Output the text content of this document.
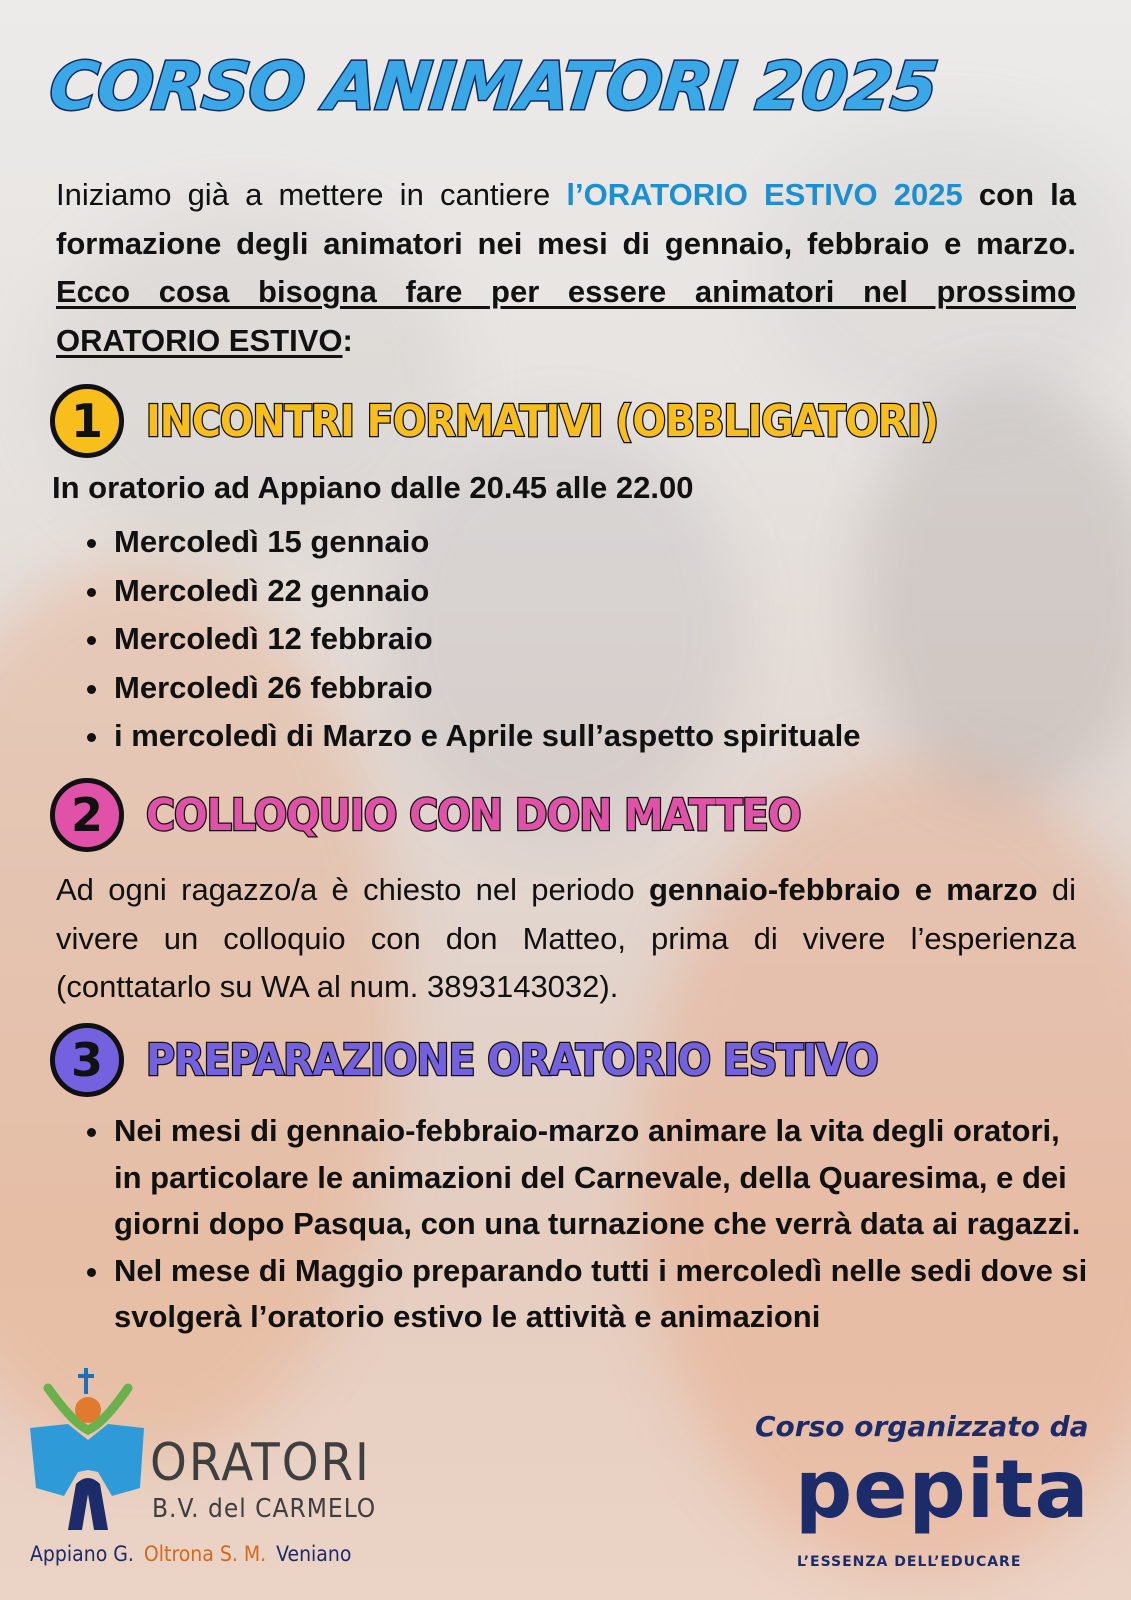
CORSO ANIMATORI 2025

Iniziamo già a mettere in cantiere l’ORATORIO ESTIVO 2025 con la formazione degli animatori nei mesi di gennaio, febbraio e marzo. Ecco cosa bisogna fare per essere animatori nel prossimo ORATORIO ESTIVO:

1 INCONTRI FORMATIVI (OBBLIGATORI)

In oratorio ad Appiano dalle 20.45 alle 22.00

• Mercoledì 15 gennaio
• Mercoledì 22 gennaio
• Mercoledì 12 febbraio
• Mercoledì 26 febbraio
• i mercoledì di Marzo e Aprile sull’aspetto spirituale
2 COLLOQUIO CON DON MATTEO

Ad ogni ragazzo/a è chiesto nel periodo gennaio-febbraio e marzo di vivere un colloquio con don Matteo, prima di vivere l’esperienza (conttatarlo su WA al num. 3893143032).

3 PREPARAZIONE ORATORIO ESTIVO
• Nei mesi di gennaio-febbraio-marzo animare la vita degli oratori, in particolare le animazioni del Carnevale, della Quaresima, e dei giorni dopo Pasqua, con una turnazione che verrà data ai ragazzi.
• Nel mese di Maggio preparando tutti i mercoledì nelle sedi dove si svolgerà l’oratorio estivo le attività e animazioni

ORATORI

B.V. del CARMELO

Appiano G. Oltrona S. M. Veniano

Corso organizzato da

pepita

L’ESSENZA DELL’EDUCARE
